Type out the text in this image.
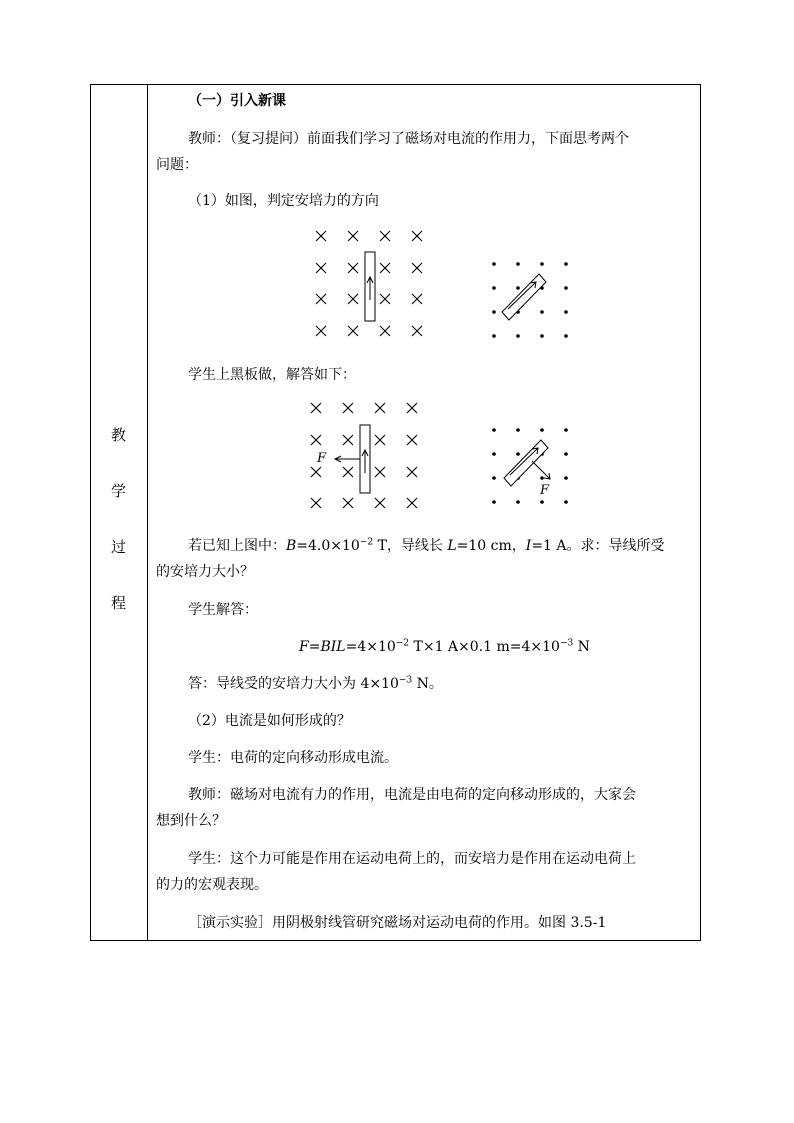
教
学
过
程
（一）引入新课
教师：（复习提问）前面我们学习了磁场对电流的作用力，下面思考两个
问题：
（1）如图，判定安培力的方向
学生上黑板做，解答如下：
F
F
若已知上图中：$B=4.0\times 10^{-2}$ T，导线长 L=10 cm，I=1 A。求：导线所受
的安培力大小？
学生解答：
$F=BIL=4\times 10^{-2}$ T×1 A×0.1 $m=4\times 10^{-3}$ N
答：导线受的安培力大小为 $4\times 10^{-3}$ N。
（2）电流是如何形成的？
学生：电荷的定向移动形成电流。
教师：磁场对电流有力的作用，电流是由电荷的定向移动形成的，大家会
想到什么？
学生：这个力可能是作用在运动电荷上的，而安培力是作用在运动电荷上
的力的宏观表现。
［演示实验］用阴极射线管研究磁场对运动电荷的作用。如图 3.5-1
